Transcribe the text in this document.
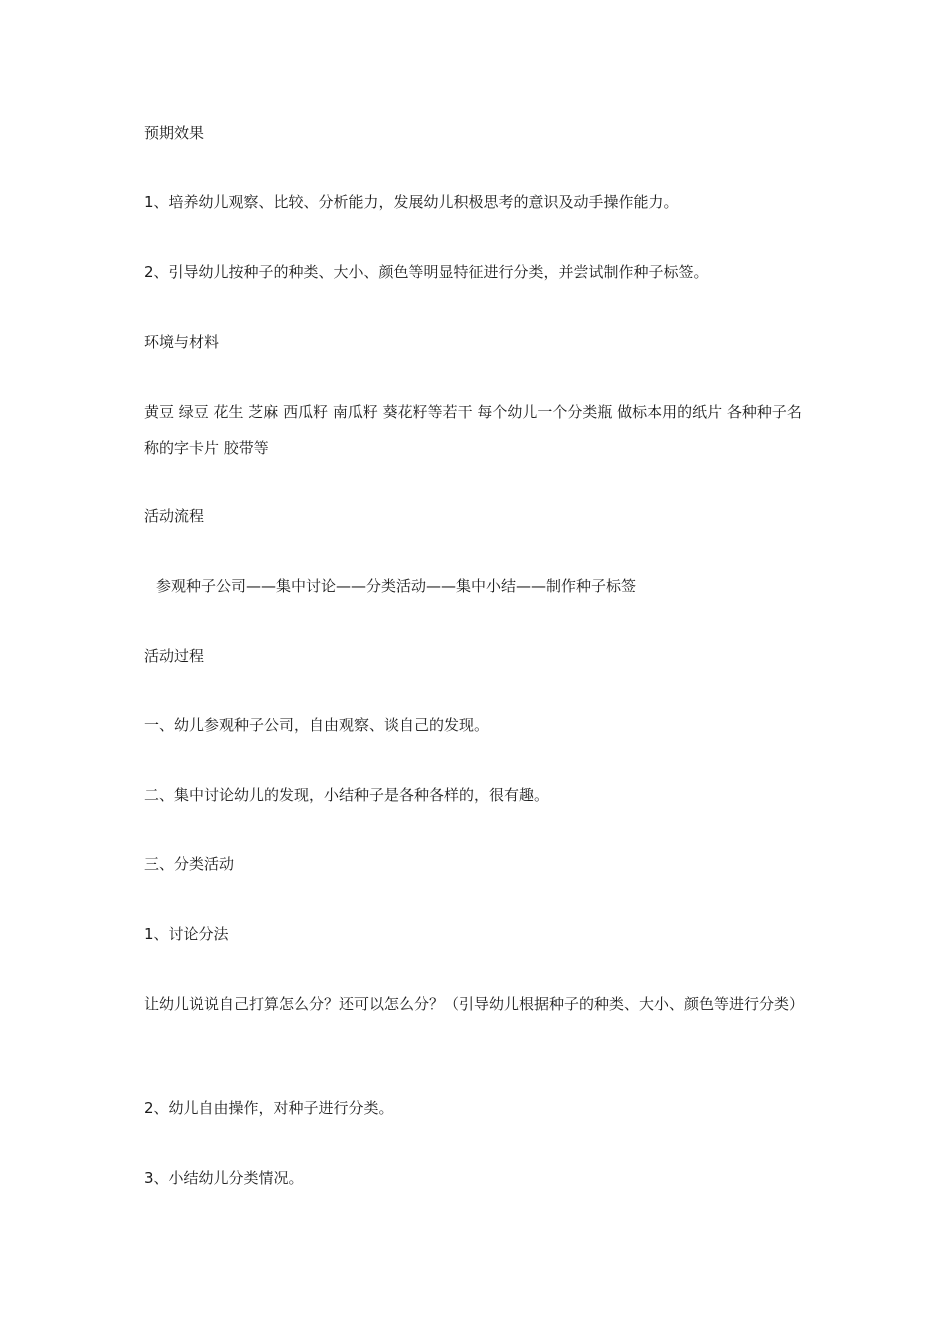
预期效果

1、培养幼儿观察、比较、分析能力，发展幼儿积极思考的意识及动手操作能力。

2、引导幼儿按种子的种类、大小、颜色等明显特征进行分类，并尝试制作种子标签。

环境与材料

黄豆 绿豆 花生 芝麻 西瓜籽 南瓜籽 葵花籽等若干 每个幼儿一个分类瓶 做标本用的纸片 各种种子名称的字卡片 胶带等

活动流程

参观种子公司——集中讨论——分类活动——集中小结——制作种子标签

活动过程

一、幼儿参观种子公司，自由观察、谈自己的发现。

二、集中讨论幼儿的发现，小结种子是各种各样的，很有趣。

三、分类活动

1、讨论分法

让幼儿说说自己打算怎么分？还可以怎么分？（引导幼儿根据种子的种类、大小、颜色等进行分类）

2、幼儿自由操作，对种子进行分类。

3、小结幼儿分类情况。
